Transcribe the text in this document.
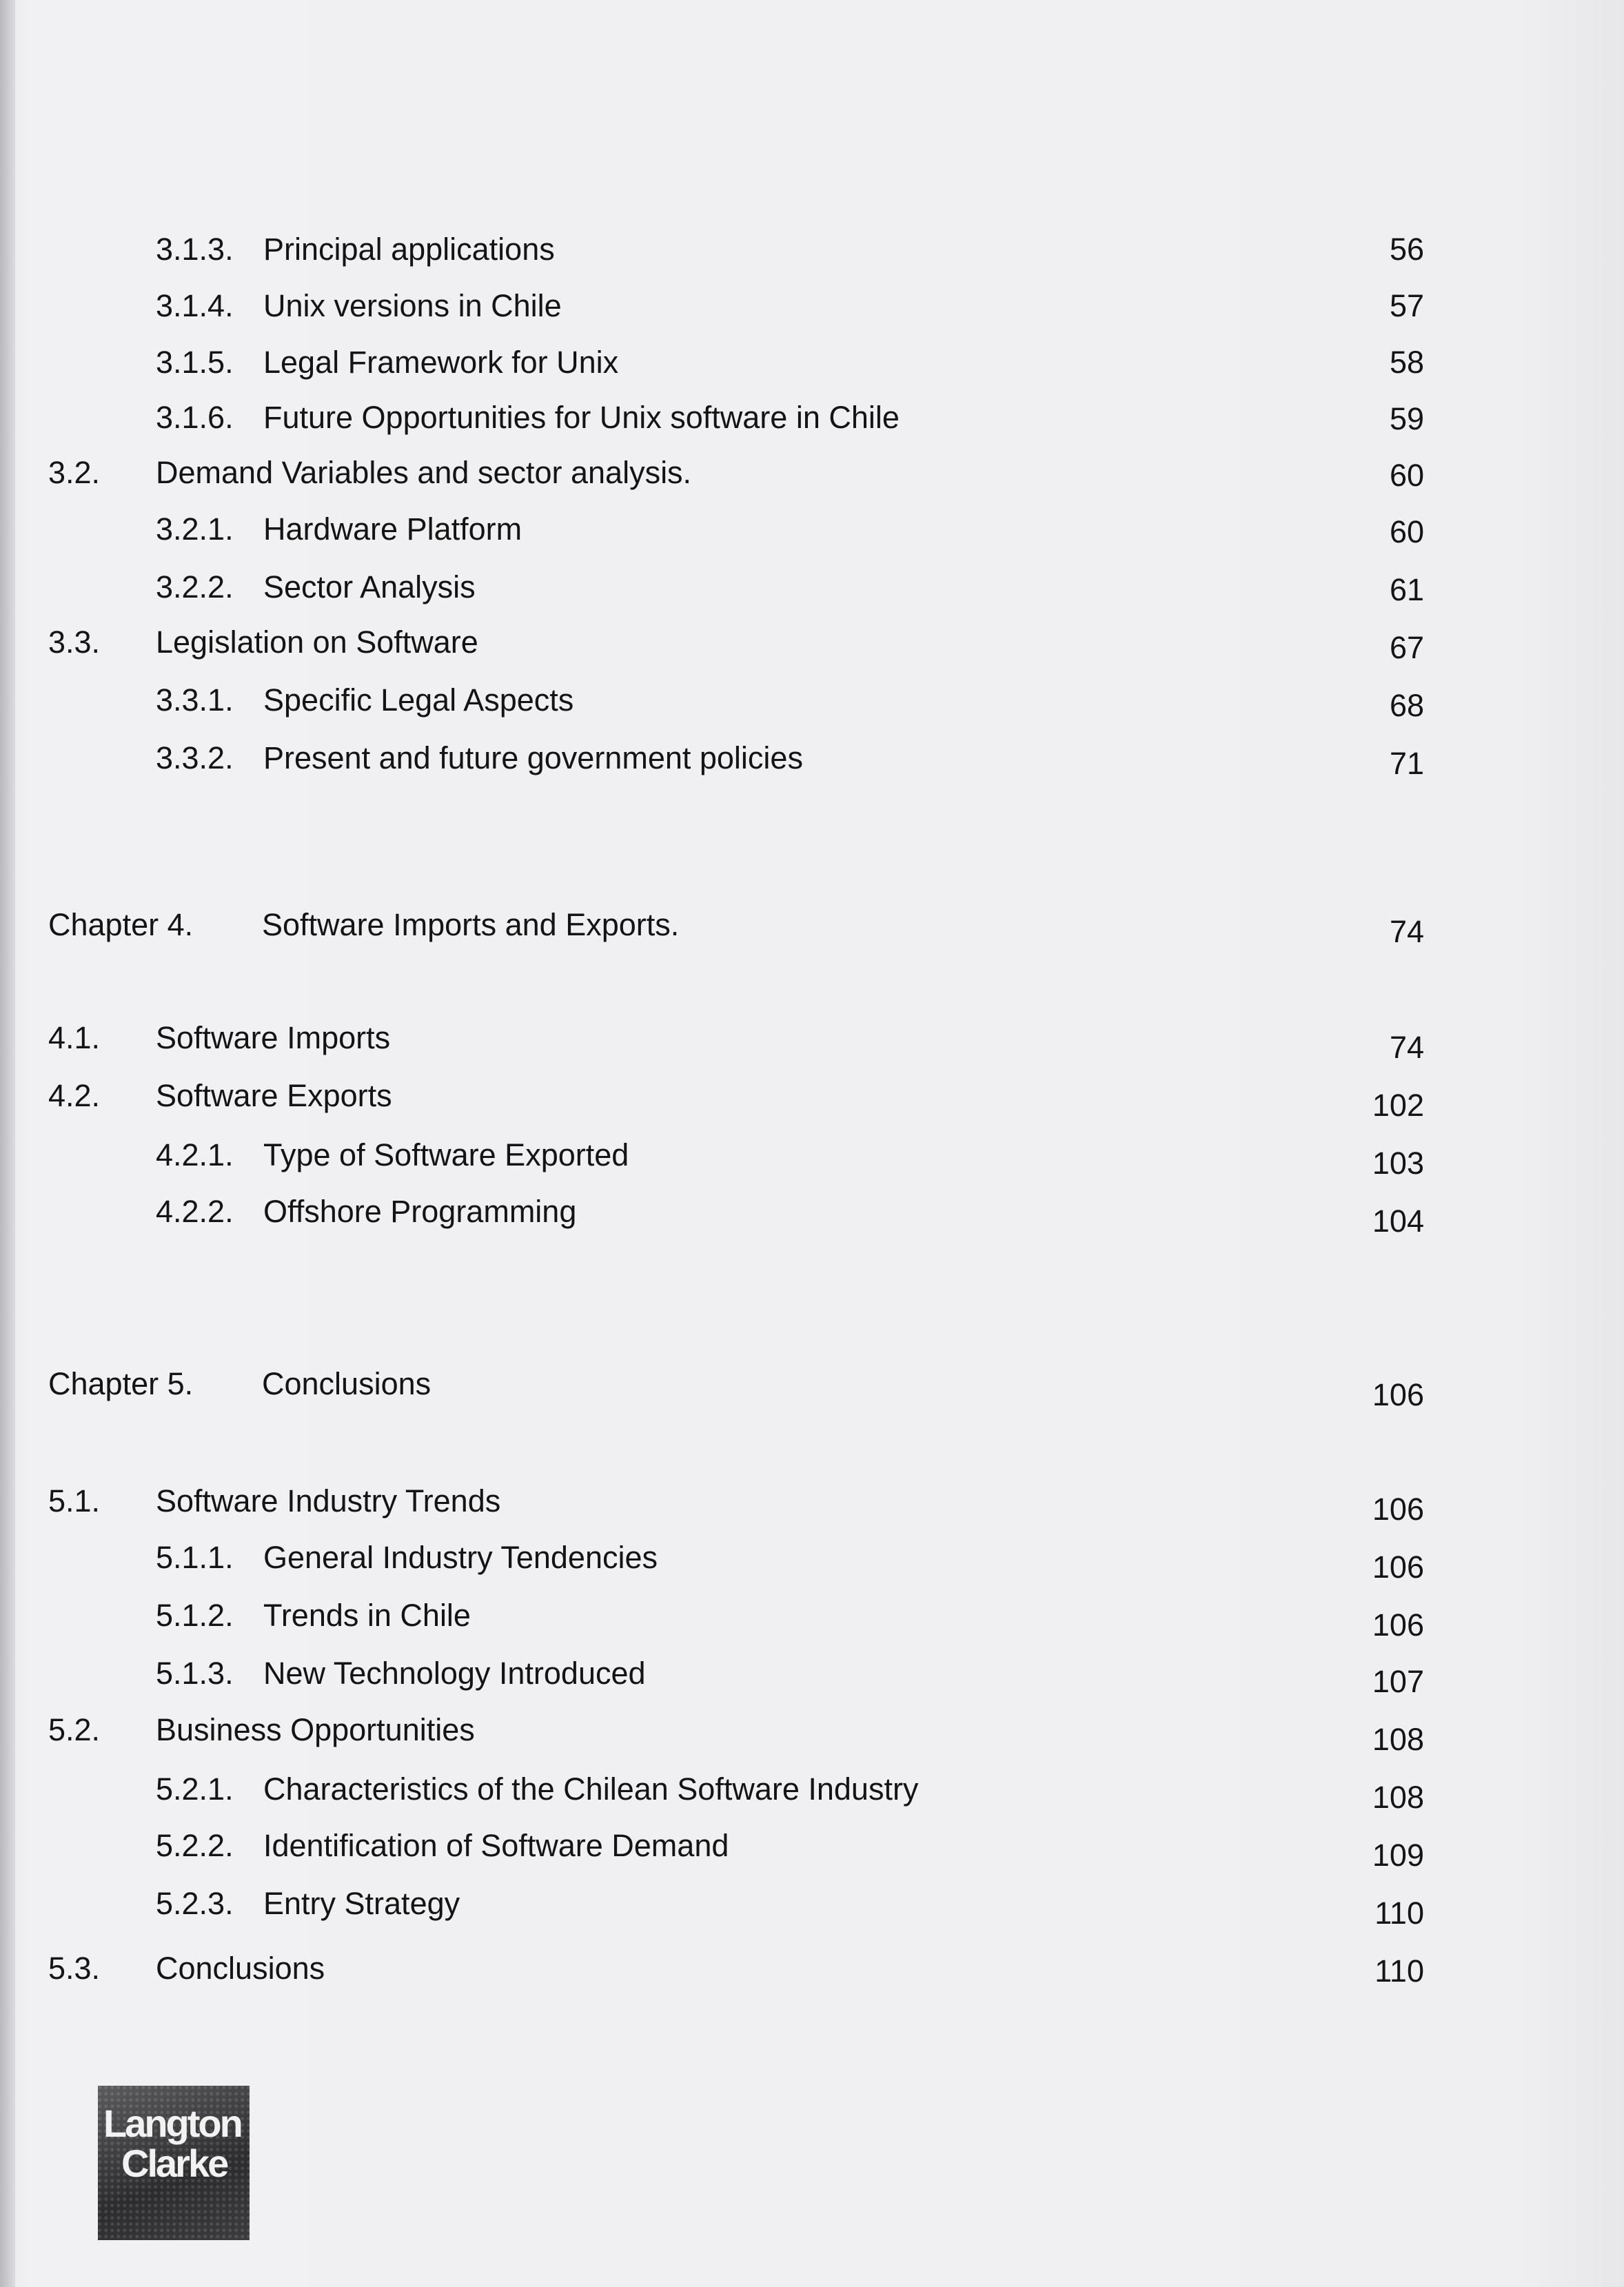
3.1.3. Principal applications	56
3.1.4. Unix versions in Chile	57
3.1.5. Legal Framework for Unix	58
3.1.6. Future Opportunities for Unix software in Chile	59
3.2. Demand Variables and sector analysis.	60
3.2.1. Hardware Platform	60
3.2.2. Sector Analysis	61
3.3. Legislation on Software	67
3.3.1. Specific Legal Aspects	68
3.3.2. Present and future government policies	71
Chapter 4. Software Imports and Exports.	74
4.1. Software Imports	74
4.2. Software Exports	102
4.2.1. Type of Software Exported	103
4.2.2. Offshore Programming	104
Chapter 5. Conclusions	106
5.1. Software Industry Trends	106
5.1.1. General Industry Tendencies	106
5.1.2. Trends in Chile	106
5.1.3. New Technology Introduced	107
5.2. Business Opportunities	108
5.2.1. Characteristics of the Chilean Software Industry	108
5.2.2. Identification of Software Demand	109
5.2.3. Entry Strategy	110
5.3. Conclusions	110
Langton
Clarke
